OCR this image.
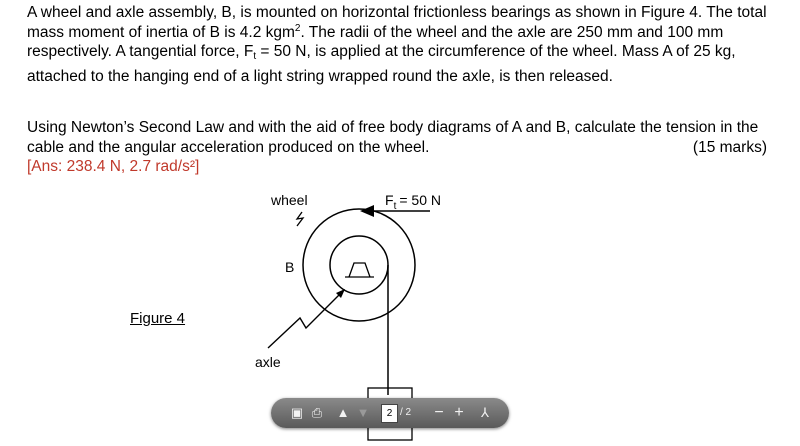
A wheel and axle assembly, B, is mounted on horizontal frictionless bearings as shown in Figure 4. The total mass moment of inertia of B is 4.2 kgm$^2$. The radii of the wheel and the axle are 250 mm and 100 mm respectively. A tangential force, $F_t = 50$ N, is applied at the circumference of the wheel. Mass A of 25 kg, attached to the hanging end of a light string wrapped round the axle, is then released.
Using Newton’s Second Law and with the aid of free body diagrams of A and B, calculate the tension in the cable and the angular acceleration produced on the wheel.	(15 marks)

[Ans: 238.4 N, 2.7 rad/s²]
Figure 4
wheel	$F_t = 50$ N
B
axle
▣ ⎙ ▲ ▼	2 / 2 − +	⅄
